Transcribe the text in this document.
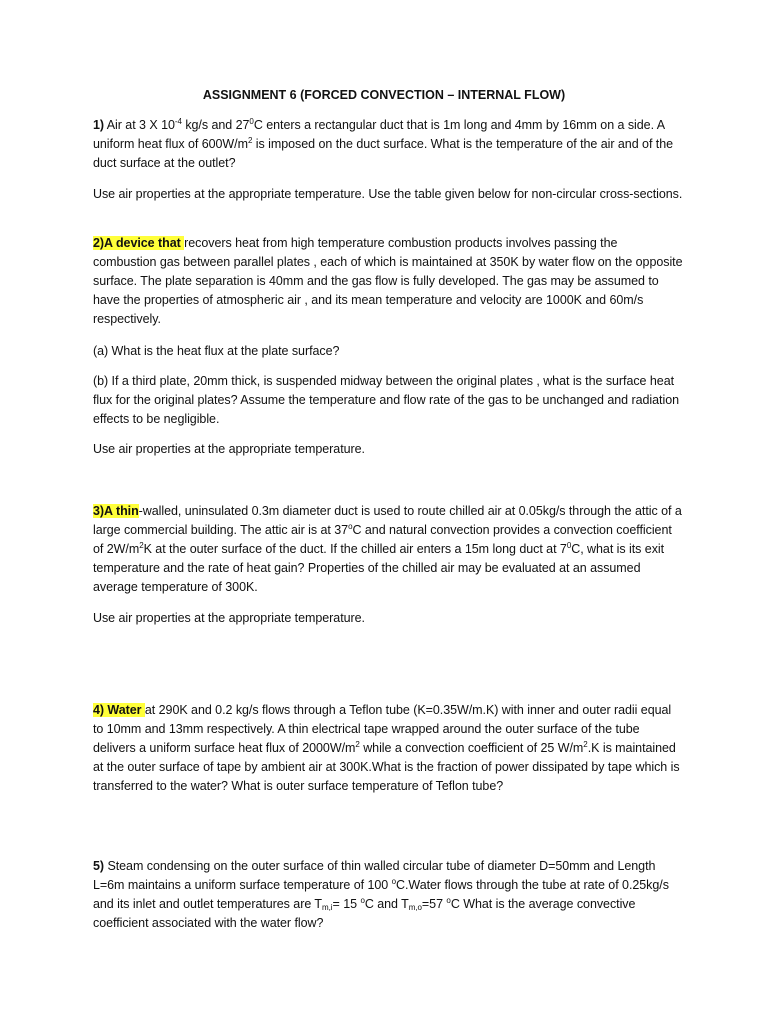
ASSIGNMENT 6 (FORCED CONVECTION – INTERNAL FLOW)

1) Air at 3 X $10^{-4}$ kg/s and $27^0C$ enters a rectangular duct that is 1m long and 4mm by 16mm on a side. A uniform heat flux of $600W/m^2$ is imposed on the duct surface. What is the temperature of the air and of the duct surface at the outlet?

Use air properties at the appropriate temperature. Use the table given below for non-circular cross-sections.

2)A device that recovers heat from high temperature combustion products involves passing the combustion gas between parallel plates , each of which is maintained at 350K by water flow on the opposite surface. The plate separation is 40mm and the gas flow is fully developed. The gas may be assumed to have the properties of atmospheric air , and its mean temperature and velocity are 1000K and 60m/s respectively.

(a) What is the heat flux at the plate surface?

(b) If a third plate, 20mm thick, is suspended midway between the original plates , what is the surface heat flux for the original plates? Assume the temperature and flow rate of the gas to be unchanged and radiation effects to be negligible.

Use air properties at the appropriate temperature.

3)A thin-walled, uninsulated 0.3m diameter duct is used to route chilled air at 0.05kg/s through the attic of a large commercial building. The attic air is at 37$^o$C and natural convection provides a convection coefficient of $2W/m^2K$ at the outer surface of the duct. If the chilled air enters a 15m long duct at $7^0C$, what is its exit temperature and the rate of heat gain? Properties of the chilled air may be evaluated at an assumed average temperature of 300K.

Use air properties at the appropriate temperature.

4) Water at 290K and 0.2 kg/s flows through a Teflon tube (K=0.35W/m.K) with inner and outer radii equal to 10mm and 13mm respectively. A thin electrical tape wrapped around the outer surface of the tube delivers a uniform surface heat flux of $2000W/m^2$ while a convection coefficient of 25 $W/m^2.K$ is maintained at the outer surface of tape by ambient air at 300K.What is the fraction of power dissipated by tape which is transferred to the water? What is outer surface temperature of Teflon tube?

5) Steam condensing on the outer surface of thin walled circular tube of diameter D=50mm and Length L=6m maintains a uniform surface temperature of 100 $^o$C.Water flows through the tube at rate of 0.25kg/s and its inlet and outlet temperatures are $T_{m,i}= 15$ $^o$C and $T_{m,o}=57$ $^o$C What is the average convective coefficient associated with the water flow?
